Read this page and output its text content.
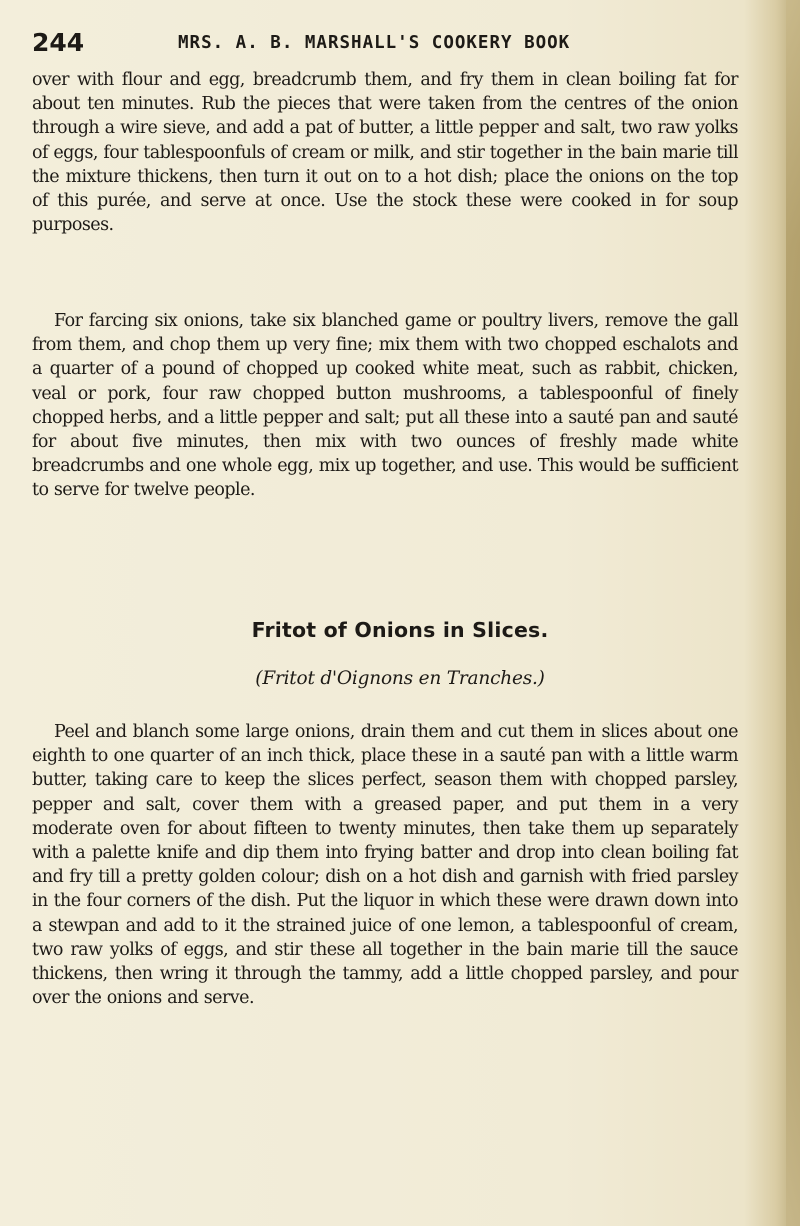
244	MRS. A. B. MARSHALL'S COOKERY BOOK

over with flour and egg, breadcrumb them, and fry them in clean boiling fat for about ten minutes. Rub the pieces that were taken from the centres of the onion through a wire sieve, and add a pat of butter, a little pepper and salt, two raw yolks of eggs, four tablespoonfuls of cream or milk, and stir together in the bain marie till the mixture thickens, then turn it out on to a hot dish; place the onions on the top of this purée, and serve at once. Use the stock these were cooked in for soup purposes.

For farcing six onions, take six blanched game or poultry livers, remove the gall from them, and chop them up very fine; mix them with two chopped eschalots and a quarter of a pound of chopped up cooked white meat, such as rabbit, chicken, veal or pork, four raw chopped button mushrooms, a tablespoonful of finely chopped herbs, and a little pepper and salt; put all these into a sauté pan and sauté for about five minutes, then mix with two ounces of freshly made white breadcrumbs and one whole egg, mix up together, and use. This would be sufficient to serve for twelve people.

Fritot of Onions in Slices.
(Fritot d'Oignons en Tranches.)

Peel and blanch some large onions, drain them and cut them in slices about one eighth to one quarter of an inch thick, place these in a sauté pan with a little warm butter, taking care to keep the slices perfect, season them with chopped parsley, pepper and salt, cover them with a greased paper, and put them in a very moderate oven for about fifteen to twenty minutes, then take them up separately with a palette knife and dip them into frying batter and drop into clean boiling fat and fry till a pretty golden colour; dish on a hot dish and garnish with fried parsley in the four corners of the dish. Put the liquor in which these were drawn down into a stewpan and add to it the strained juice of one lemon, a tablespoonful of cream, two raw yolks of eggs, and stir these all together in the bain marie till the sauce thickens, then wring it through the tammy, add a little chopped parsley, and pour over the onions and serve.
